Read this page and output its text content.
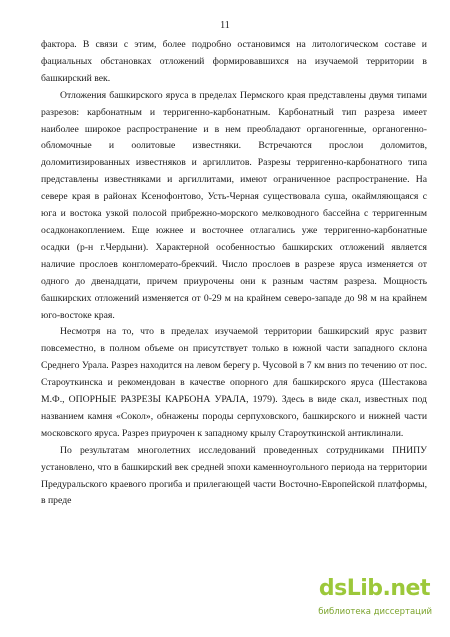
11

фактора. В связи с этим, более подробно остановимся на литологическом составе и фациальных обстановках отложений формировавшихся на изучаемой территории в башкирский век.

Отложения башкирского яруса в пределах Пермского края представлены двумя типами разрезов: карбонатным и терригенно-карбонатным. Карбонатный тип разреза имеет наиболее широкое распространение и в нем преобладают органогенные, органогенно-обломочные и оолитовые известняки. Встречаются прослои доломитов, доломитизированных известняков и аргиллитов. Разрезы терригенно-карбонатного типа представлены известняками и аргиллитами, имеют ограниченное распространение. На севере края в районах Ксенофонтово, Усть-Черная существовала суша, окаймляющаяся с юга и востока узкой полосой прибрежно-морского мелководного бассейна с терригенным осадконакоплением. Еще южнее и восточнее отлагались уже терригенно-карбонатные осадки (р-н г.Чердыни). Характерной особенностью башкирских отложений является наличие прослоев конгломерато-брекчий. Число прослоев в разрезе яруса изменяется от одного до двенадцати, причем приурочены они к разным частям разреза. Мощность башкирских отложений изменяется от 0-29 м на крайнем северо-западе до 98 м на крайнем юго-востоке края.

Несмотря на то, что в пределах изучаемой территории башкирский ярус развит повсеместно, в полном объеме он присутствует только в южной части западного склона Среднего Урала. Разрез находится на левом берегу р. Чусовой в 7 км вниз по течению от пос. Староуткинска и рекомендован в качестве опорного для башкирского яруса (Шестакова М.Ф., ОПОРНЫЕ РАЗРЕЗЫ КАРБОНА УРАЛА, 1979). Здесь в виде скал, известных под названием камня «Сокол», обнажены породы серпуховского, башкирского и нижней части московского яруса. Разрез приурочен к западному крылу Староуткинской антиклинали.

По результатам многолетних исследований проведенных сотрудниками ПНИПУ установлено, что в башкирский век средней эпохи каменноугольного периода на территории Предуральского краевого прогиба и прилегающей части Восточно-Европейской платформы, в преде

dsLib.net
библиотека диссертаций
